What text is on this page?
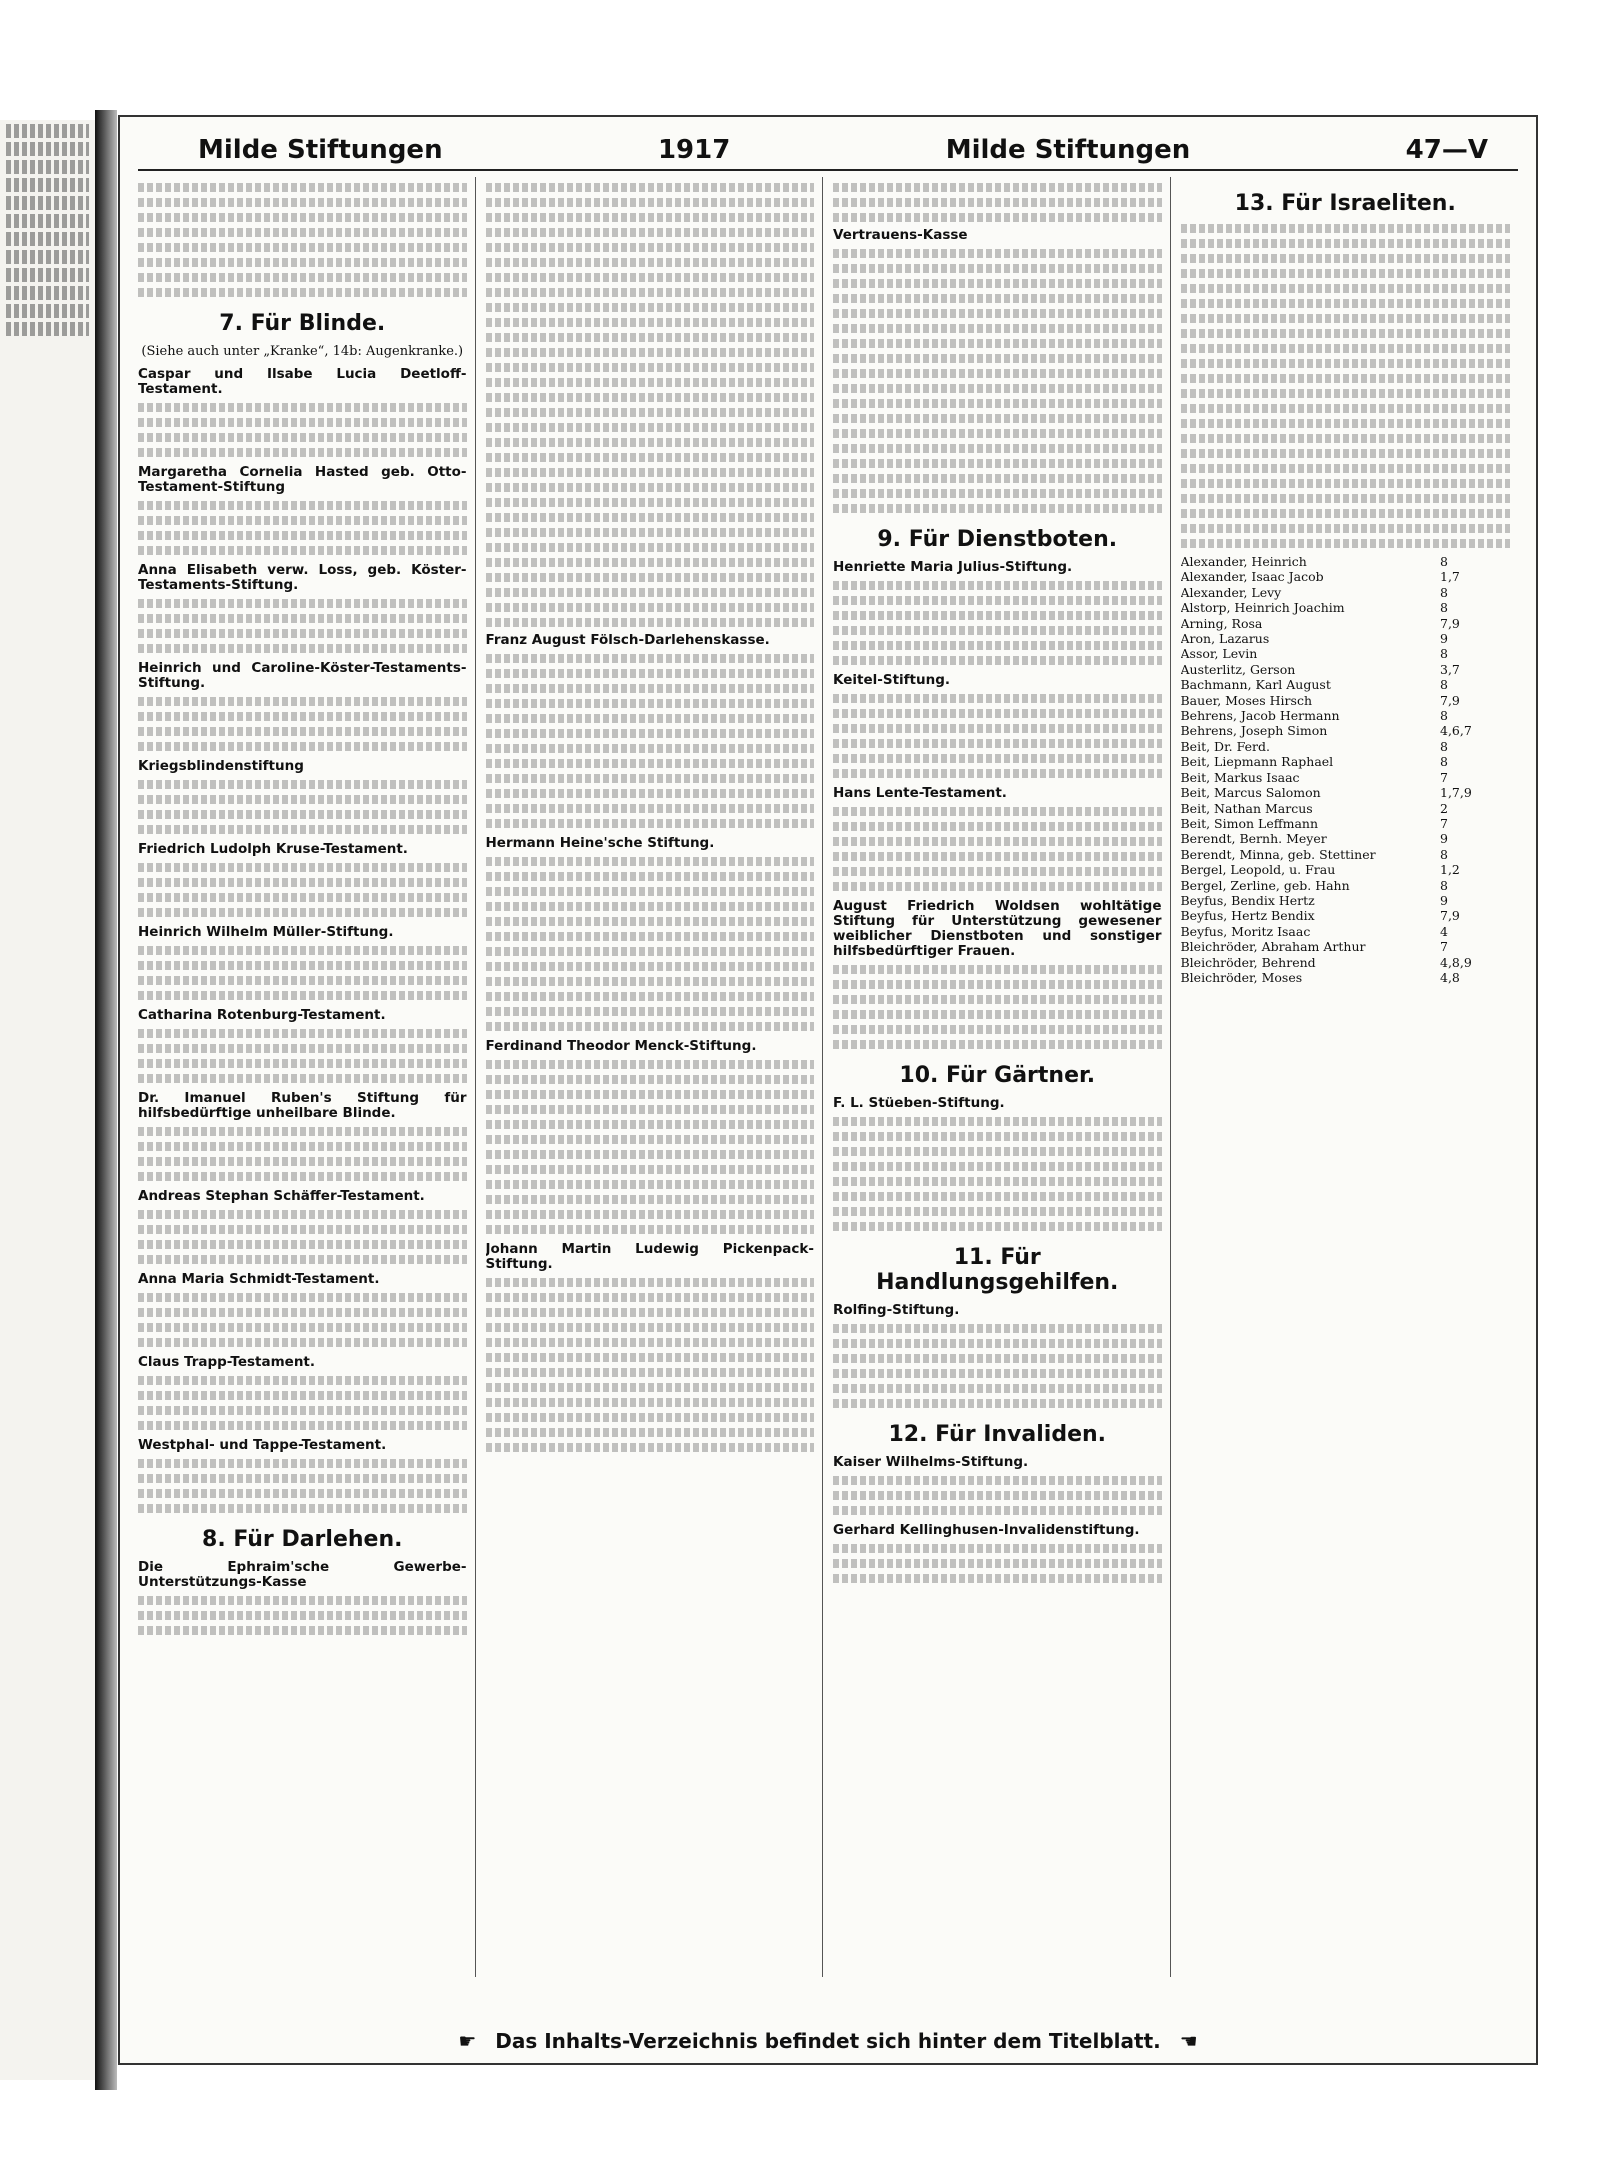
Milde Stiftungen	1917	Milde Stiftungen	47—V
7. Für Blinde.
(Siehe auch unter „Kranke“, 14b: Augenkranke.)
Caspar und Ilsabe Lucia Deetloff-Testament.
Margaretha Cornelia Hasted geb. Otto-Testament-Stiftung
Anna Elisabeth verw. Loss, geb. Köster-Testaments-Stiftung.
Heinrich und Caroline-Köster-Testaments-Stiftung.
Kriegsblindenstiftung
Friedrich Ludolph Kruse-Testament.
Heinrich Wilhelm Müller-Stiftung.
Catharina Rotenburg-Testament.
Dr. Imanuel Ruben's Stiftung für hilfsbedürftige unheilbare Blinde.
Andreas Stephan Schäffer-Testament.
Anna Maria Schmidt-Testament.
Claus Trapp-Testament.
Westphal- und Tappe-Testament.
8. Für Darlehen.
Die Ephraim'sche Gewerbe-Unterstützungs-Kasse
Franz August Fölsch-Darlehenskasse.
Hermann Heine'sche Stiftung.
Ferdinand Theodor Menck-Stiftung.
Johann Martin Ludewig Pickenpack-Stiftung.
Vertrauens-Kasse
9. Für Dienstboten.
Henriette Maria Julius-Stiftung.
Keitel-Stiftung.
Hans Lente-Testament.
August Friedrich Woldsen wohltätige Stiftung für Unterstützung gewesener weiblicher Dienstboten und sonstiger hilfsbedürftiger Frauen.
10. Für Gärtner.
F. L. Stüeben-Stiftung.
11. Für Handlungsgehilfen.
Rolfing-Stiftung.
12. Für Invaliden.
Kaiser Wilhelms-Stiftung.
Gerhard Kellinghusen-Invalidenstiftung.
13. Für Israeliten.
Alexander, Heinrich	8
Alexander, Isaac Jacob	1,7
Alexander, Levy	8
Alstorp, Heinrich Joachim	8
Arning, Rosa	7,9
Aron, Lazarus	9
Assor, Levin	8
Austerlitz, Gerson	3,7
Bachmann, Karl August	8
Bauer, Moses Hirsch	7,9
Behrens, Jacob Hermann	8
Behrens, Joseph Simon	4,6,7
Beit, Dr. Ferd.	8
Beit, Liepmann Raphael	8
Beit, Markus Isaac	7
Beit, Marcus Salomon	1,7,9
Beit, Nathan Marcus	2
Beit, Simon Leffmann	7
Berendt, Bernh. Meyer	9
Berendt, Minna, geb. Stettiner	8
Bergel, Leopold, u. Frau	1,2
Bergel, Zerline, geb. Hahn	8
Beyfus, Bendix Hertz	9
Beyfus, Hertz Bendix	7,9
Beyfus, Moritz Isaac	4
Bleichröder, Abraham Arthur	7
Bleichröder, Behrend	4,8,9
Bleichröder, Moses	4,8
☛ Das Inhalts-Verzeichnis befindet sich hinter dem Titelblatt. ☚
